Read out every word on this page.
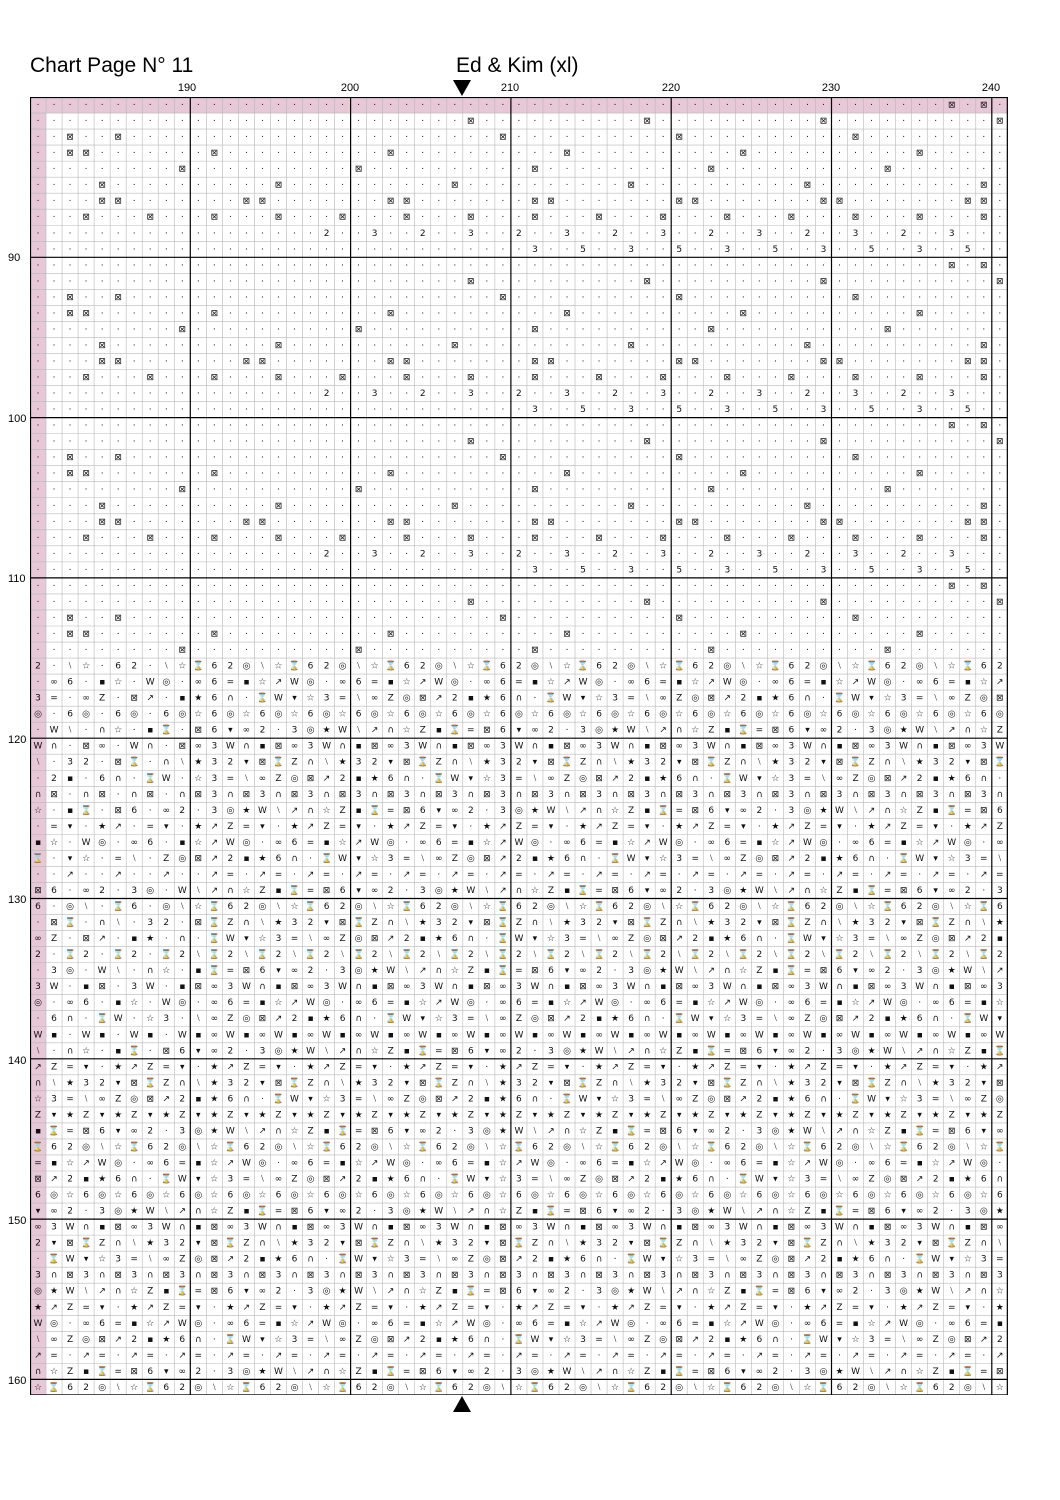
Chart Page N° 11	Ed & Kim (xl)
190	200	210	220	230	240
90
100
110
120
130
140
150
160
· · · · · · · · · · · · · · · · · · · · · · · · · · · · · · · · · · · · · · · · · · · · · · · · · · · · · · · · · ⊠ · ⊠ ·
· · · · · · · · · · · · · · · · · · · · · · · · · · · ⊠ · · · · · · · · · · ⊠ · · · · · · · · · · ⊠ · · · · · · · · · · ⊠
· · ⊠ · · ⊠ · · · · · · · · · · · · · · · · · · · · · · · ⊠ · · · · · · · · · · ⊠ · · · · · · · · · · ⊠ · · · · · · · · ·
· · ⊠ ⊠ · · · · · · · ⊠ · · · · · · · · · · ⊠ · · · · · · · · · · ⊠ · · · · · · · · · · ⊠ · · · · · · · · · · ⊠ · · · · ·
· · · · · · · · · ⊠ · · · · · · · · · · ⊠ · · · · · · · · · · ⊠ · · · · · · · · · · ⊠ · · · · · · · · · · ⊠ · · · · · · ·
· · · · ⊠ · · · · · · · · · · ⊠ · · · · · · · · · · ⊠ · · · · · · · · · · ⊠ · · · · · · · · · · ⊠ · · · · · · · · · · ⊠ ·
· · · · ⊠ ⊠ · · · · · · · ⊠ ⊠ · · · · · · · ⊠ ⊠ · · · · · · · ⊠ ⊠ · · · · · · · ⊠ ⊠ · · · · · · · ⊠ ⊠ · · · · · · · ⊠ ⊠ ·
· · · ⊠ · · · ⊠ · · · ⊠ · · · ⊠ · · · ⊠ · · · ⊠ · · · ⊠ · · · ⊠ · · · ⊠ · · · ⊠ · · · ⊠ · · · ⊠ · · · ⊠ · · · ⊠ · · · ⊠ ·
· · · · · · · · · · · · · · · · · · 2 · · 3 · · 2 · · 3 · · 2 · · 3 · · 2 · · 3 · · 2 · · 3 · · 2 · · 3 · · 2 · · 3 · · ·
· · · · · · · · · · · · · · · · · · · · · · · · · · · · · · · 3 · · 5 · · 3 · · 5 · · 3 · · 5 · · 3 · · 5 · · 3 · · 5 · ·
· · · · · · · · · · · · · · · · · · · · · · · · · · · · · · · · · · · · · · · · · · · · · · · · · · · · · · · · · ⊠ · ⊠ ·
· · · · · · · · · · · · · · · · · · · · · · · · · · · ⊠ · · · · · · · · · · ⊠ · · · · · · · · · · ⊠ · · · · · · · · · · ⊠
· · ⊠ · · ⊠ · · · · · · · · · · · · · · · · · · · · · · · ⊠ · · · · · · · · · · ⊠ · · · · · · · · · · ⊠ · · · · · · · · ·
· · ⊠ ⊠ · · · · · · · ⊠ · · · · · · · · · · ⊠ · · · · · · · · · · ⊠ · · · · · · · · · · ⊠ · · · · · · · · · · ⊠ · · · · ·
· · · · · · · · · ⊠ · · · · · · · · · · ⊠ · · · · · · · · · · ⊠ · · · · · · · · · · ⊠ · · · · · · · · · · ⊠ · · · · · · ·
· · · · ⊠ · · · · · · · · · · ⊠ · · · · · · · · · · ⊠ · · · · · · · · · · ⊠ · · · · · · · · · · ⊠ · · · · · · · · · · ⊠ ·
· · · · ⊠ ⊠ · · · · · · · ⊠ ⊠ · · · · · · · ⊠ ⊠ · · · · · · · ⊠ ⊠ · · · · · · · ⊠ ⊠ · · · · · · · ⊠ ⊠ · · · · · · · ⊠ ⊠ ·
· · · ⊠ · · · ⊠ · · · ⊠ · · · ⊠ · · · ⊠ · · · ⊠ · · · ⊠ · · · ⊠ · · · ⊠ · · · ⊠ · · · ⊠ · · · ⊠ · · · ⊠ · · · ⊠ · · · ⊠ ·
· · · · · · · · · · · · · · · · · · 2 · · 3 · · 2 · · 3 · · 2 · · 3 · · 2 · · 3 · · 2 · · 3 · · 2 · · 3 · · 2 · · 3 · · ·
· · · · · · · · · · · · · · · · · · · · · · · · · · · · · · · 3 · · 5 · · 3 · · 5 · · 3 · · 5 · · 3 · · 5 · · 3 · · 5 · ·
· · · · · · · · · · · · · · · · · · · · · · · · · · · · · · · · · · · · · · · · · · · · · · · · · · · · · · · · · ⊠ · ⊠ ·
· · · · · · · · · · · · · · · · · · · · · · · · · · · ⊠ · · · · · · · · · · ⊠ · · · · · · · · · · ⊠ · · · · · · · · · · ⊠
· · ⊠ · · ⊠ · · · · · · · · · · · · · · · · · · · · · · · ⊠ · · · · · · · · · · ⊠ · · · · · · · · · · ⊠ · · · · · · · · ·
· · ⊠ ⊠ · · · · · · · ⊠ · · · · · · · · · · ⊠ · · · · · · · · · · ⊠ · · · · · · · · · · ⊠ · · · · · · · · · · ⊠ · · · · ·
· · · · · · · · · ⊠ · · · · · · · · · · ⊠ · · · · · · · · · · ⊠ · · · · · · · · · · ⊠ · · · · · · · · · · ⊠ · · · · · · ·
· · · · ⊠ · · · · · · · · · · ⊠ · · · · · · · · · · ⊠ · · · · · · · · · · ⊠ · · · · · · · · · · ⊠ · · · · · · · · · · ⊠ ·
· · · · ⊠ ⊠ · · · · · · · ⊠ ⊠ · · · · · · · ⊠ ⊠ · · · · · · · ⊠ ⊠ · · · · · · · ⊠ ⊠ · · · · · · · ⊠ ⊠ · · · · · · · ⊠ ⊠ ·
· · · ⊠ · · · ⊠ · · · ⊠ · · · ⊠ · · · ⊠ · · · ⊠ · · · ⊠ · · · ⊠ · · · ⊠ · · · ⊠ · · · ⊠ · · · ⊠ · · · ⊠ · · · ⊠ · · · ⊠ ·
· · · · · · · · · · · · · · · · · · 2 · · 3 · · 2 · · 3 · · 2 · · 3 · · 2 · · 3 · · 2 · · 3 · · 2 · · 3 · · 2 · · 3 · · ·
· · · · · · · · · · · · · · · · · · · · · · · · · · · · · · · 3 · · 5 · · 3 · · 5 · · 3 · · 5 · · 3 · · 5 · · 3 · · 5 · ·
· · · · · · · · · · · · · · · · · · · · · · · · · · · · · · · · · · · · · · · · · · · · · · · · · · · · · · · · · ⊠ · ⊠ ·
· · · · · · · · · · · · · · · · · · · · · · · · · · · ⊠ · · · · · · · · · · ⊠ · · · · · · · · · · ⊠ · · · · · · · · · · ⊠
· · ⊠ · · ⊠ · · · · · · · · · · · · · · · · · · · · · · · ⊠ · · · · · · · · · · ⊠ · · · · · · · · · · ⊠ · · · · · · · · ·
· · ⊠ ⊠ · · · · · · · ⊠ · · · · · · · · · · ⊠ · · · · · · · · · · ⊠ · · · · · · · · · · ⊠ · · · · · · · · · · ⊠ · · · · ·
· · · · · · · · · ⊠ · · · · · · · · · · ⊠ · · · · · · · · · · ⊠ · · · · · · · · · · ⊠ · · · · · · · · · · ⊠ · · · · · · ·
2 · ⧵ ☆ · 6 2 · ⧵ ☆ ⌛ 6 2 ◎ ⧵ ☆ ⌛ 6 2 ◎ ⧵ ☆ ⌛ 6 2 ◎ ⧵ ☆ ⌛ 6 2 ◎ ⧵ ☆ ⌛ 6 2 ◎ ⧵ ☆ ⌛ 6 2 ◎ ⧵ ☆ ⌛ 6 2 ◎ ⧵ ☆ ⌛ 6 2 ◎ ⧵ ☆ ⌛ 6 2
· ∞ 6 · ▪ ☆ · W ◎ · ∞ 6 = ▪ ☆ ↗ W ◎ · ∞ 6 = ▪ ☆ ↗ W ◎ · ∞ 6 = ▪ ☆ ↗ W ◎ · ∞ 6 = ▪ ☆ ↗ W ◎ · ∞ 6 = ▪ ☆ ↗ W ◎ · ∞ 6 = ▪ ☆ ↗
3 = · ∞ Z · ⊠ ↗ · ▪ ★ 6 ∩ · ⌛ W ▾ ☆ 3 = ⧵ ∞ Z ◎ ⊠ ↗ 2 ▪ ★ 6 ∩ · ⌛ W ▾ ☆ 3 = ⧵ ∞ Z ◎ ⊠ ↗ 2 ▪ ★ 6 ∩ · ⌛ W ▾ ☆ 3 = ⧵ ∞ Z ◎ ⊠
◎ · 6 ◎ · 6 ◎ · 6 ◎ ☆ 6 ◎ ☆ 6 ◎ ☆ 6 ◎ ☆ 6 ◎ ☆ 6 ◎ ☆ 6 ◎ ☆ 6 ◎ ☆ 6 ◎ ☆ 6 ◎ ☆ 6 ◎ ☆ 6 ◎ ☆ 6 ◎ ☆ 6 ◎ ☆ 6 ◎ ☆ 6 ◎ ☆ 6 ◎ ☆ 6 ◎
· W ⧵ · ∩ ☆ · ▪ ⌛ · ⊠ 6 ▾ ∞ 2 · 3 ◎ ★ W ⧵ ↗ ∩ ☆ Z ▪ ⌛ = ⊠ 6 ▾ ∞ 2 · 3 ◎ ★ W ⧵ ↗ ∩ ☆ Z ▪ ⌛ = ⊠ 6 ▾ ∞ 2 · 3 ◎ ★ W ⧵ ↗ ∩ ☆ Z
W ∩ · ⊠ ∞ · W ∩ · ⊠ ∞ 3 W ∩ ▪ ⊠ ∞ 3 W ∩ ▪ ⊠ ∞ 3 W ∩ ▪ ⊠ ∞ 3 W ∩ ▪ ⊠ ∞ 3 W ∩ ▪ ⊠ ∞ 3 W ∩ ▪ ⊠ ∞ 3 W ∩ ▪ ⊠ ∞ 3 W ∩ ▪ ⊠ ∞ 3 W
⧵ · 3 2 · ⊠ ⌛ · ∩ ⧵ ★ 3 2 ▾ ⊠ ⌛ Z ∩ ⧵ ★ 3 2 ▾ ⊠ ⌛ Z ∩ ⧵ ★ 3 2 ▾ ⊠ ⌛ Z ∩ ⧵ ★ 3 2 ▾ ⊠ ⌛ Z ∩ ⧵ ★ 3 2 ▾ ⊠ ⌛ Z ∩ ⧵ ★ 3 2 ▾ ⊠ ⌛
· 2 ▪ · 6 ∩ · ⌛ W · ☆ 3 = ⧵ ∞ Z ◎ ⊠ ↗ 2 ▪ ★ 6 ∩ · ⌛ W ▾ ☆ 3 = ⧵ ∞ Z ◎ ⊠ ↗ 2 ▪ ★ 6 ∩ · ⌛ W ▾ ☆ 3 = ⧵ ∞ Z ◎ ⊠ ↗ 2 ▪ ★ 6 ∩ ·
∩ ⊠ · ∩ ⊠ · ∩ ⊠ · ∩ ⊠ 3 ∩ ⊠ 3 ∩ ⊠ 3 ∩ ⊠ 3 ∩ ⊠ 3 ∩ ⊠ 3 ∩ ⊠ 3 ∩ ⊠ 3 ∩ ⊠ 3 ∩ ⊠ 3 ∩ ⊠ 3 ∩ ⊠ 3 ∩ ⊠ 3 ∩ ⊠ 3 ∩ ⊠ 3 ∩ ⊠ 3 ∩ ⊠ 3 ∩
☆ · ▪ ⌛ · ⊠ 6 · ∞ 2 · 3 ◎ ★ W ⧵ ↗ ∩ ☆ Z ▪ ⌛ = ⊠ 6 ▾ ∞ 2 · 3 ◎ ★ W ⧵ ↗ ∩ ☆ Z ▪ ⌛ = ⊠ 6 ▾ ∞ 2 · 3 ◎ ★ W ⧵ ↗ ∩ ☆ Z ▪ ⌛ = ⊠ 6
· = ▾ · ★ ↗ · = ▾ · ★ ↗ Z = ▾ · ★ ↗ Z = ▾ · ★ ↗ Z = ▾ · ★ ↗ Z = ▾ · ★ ↗ Z = ▾ · ★ ↗ Z = ▾ · ★ ↗ Z = ▾ · ★ ↗ Z = ▾ · ★ ↗ Z
▪ ☆ · W ◎ · ∞ 6 · ▪ ☆ ↗ W ◎ · ∞ 6 = ▪ ☆ ↗ W ◎ · ∞ 6 = ▪ ☆ ↗ W ◎ · ∞ 6 = ▪ ☆ ↗ W ◎ · ∞ 6 = ▪ ☆ ↗ W ◎ · ∞ 6 = ▪ ☆ ↗ W ◎ · ∞
⌛ · ▾ ☆ · = ⧵ · Z ◎ ⊠ ↗ 2 ▪ ★ 6 ∩ · ⌛ W ▾ ☆ 3 = ⧵ ∞ Z ◎ ⊠ ↗ 2 ▪ ★ 6 ∩ · ⌛ W ▾ ☆ 3 = ⧵ ∞ Z ◎ ⊠ ↗ 2 ▪ ★ 6 ∩ · ⌛ W ▾ ☆ 3 = ⧵
· · ↗ · · ↗ · · ↗ · · ↗ = · ↗ = · ↗ = · ↗ = · ↗ = · ↗ = · ↗ = · ↗ = · ↗ = · ↗ = · ↗ = · ↗ = · ↗ = · ↗ = · ↗ = · ↗ = · ↗ =
⊠ 6 · ∞ 2 · 3 ◎ · W ⧵ ↗ ∩ ☆ Z ▪ ⌛ = ⊠ 6 ▾ ∞ 2 · 3 ◎ ★ W ⧵ ↗ ∩ ☆ Z ▪ ⌛ = ⊠ 6 ▾ ∞ 2 · 3 ◎ ★ W ⧵ ↗ ∩ ☆ Z ▪ ⌛ = ⊠ 6 ▾ ∞ 2 · 3
6 · ◎ ⧵ · ⌛ 6 · ◎ ⧵ ☆ ⌛ 6 2 ◎ ⧵ ☆ ⌛ 6 2 ◎ ⧵ ☆ ⌛ 6 2 ◎ ⧵ ☆ ⌛ 6 2 ◎ ⧵ ☆ ⌛ 6 2 ◎ ⧵ ☆ ⌛ 6 2 ◎ ⧵ ☆ ⌛ 6 2 ◎ ⧵ ☆ ⌛ 6 2 ◎ ⧵ ☆ ⌛ 6
· ⊠ ⌛ · ∩ ⧵ · 3 2 · ⊠ ⌛ Z ∩ ⧵ ★ 3 2 ▾ ⊠ ⌛ Z ∩ ⧵ ★ 3 2 ▾ ⊠ ⌛ Z ∩ ⧵ ★ 3 2 ▾ ⊠ ⌛ Z ∩ ⧵ ★ 3 2 ▾ ⊠ ⌛ Z ∩ ⧵ ★ 3 2 ▾ ⊠ ⌛ Z ∩ ⧵ ★
∞ Z · ⊠ ↗ · ▪ ★ · ∩ · ⌛ W ▾ ☆ 3 = ⧵ ∞ Z ◎ ⊠ ↗ 2 ▪ ★ 6 ∩ · ⌛ W ▾ ☆ 3 = ⧵ ∞ Z ◎ ⊠ ↗ 2 ▪ ★ 6 ∩ · ⌛ W ▾ ☆ 3 = ⧵ ∞ Z ◎ ⊠ ↗ 2 ▪
2 · ⌛ 2 · ⌛ 2 · ⌛ 2 ⧵ ⌛ 2 ⧵ ⌛ 2 ⧵ ⌛ 2 ⧵ ⌛ 2 ⧵ ⌛ 2 ⧵ ⌛ 2 ⧵ ⌛ 2 ⧵ ⌛ 2 ⧵ ⌛ 2 ⧵ ⌛ 2 ⧵ ⌛ 2 ⧵ ⌛ 2 ⧵ ⌛ 2 ⧵ ⌛ 2 ⧵ ⌛ 2 ⧵ ⌛ 2 ⧵ ⌛ 2
· 3 ◎ · W ⧵ · ∩ ☆ · ▪ ⌛ = ⊠ 6 ▾ ∞ 2 · 3 ◎ ★ W ⧵ ↗ ∩ ☆ Z ▪ ⌛ = ⊠ 6 ▾ ∞ 2 · 3 ◎ ★ W ⧵ ↗ ∩ ☆ Z ▪ ⌛ = ⊠ 6 ▾ ∞ 2 · 3 ◎ ★ W ⧵ ↗
3 W · ▪ ⊠ · 3 W · ▪ ⊠ ∞ 3 W ∩ ▪ ⊠ ∞ 3 W ∩ ▪ ⊠ ∞ 3 W ∩ ▪ ⊠ ∞ 3 W ∩ ▪ ⊠ ∞ 3 W ∩ ▪ ⊠ ∞ 3 W ∩ ▪ ⊠ ∞ 3 W ∩ ▪ ⊠ ∞ 3 W ∩ ▪ ⊠ ∞ 3
◎ · ∞ 6 · ▪ ☆ · W ◎ · ∞ 6 = ▪ ☆ ↗ W ◎ · ∞ 6 = ▪ ☆ ↗ W ◎ · ∞ 6 = ▪ ☆ ↗ W ◎ · ∞ 6 = ▪ ☆ ↗ W ◎ · ∞ 6 = ▪ ☆ ↗ W ◎ · ∞ 6 = ▪ ☆
· 6 ∩ · ⌛ W · ☆ 3 · ⧵ ∞ Z ◎ ⊠ ↗ 2 ▪ ★ 6 ∩ · ⌛ W ▾ ☆ 3 = ⧵ ∞ Z ◎ ⊠ ↗ 2 ▪ ★ 6 ∩ · ⌛ W ▾ ☆ 3 = ⧵ ∞ Z ◎ ⊠ ↗ 2 ▪ ★ 6 ∩ · ⌛ W ▾
W ▪ · W ▪ · W ▪ · W ▪ ∞ W ▪ ∞ W ▪ ∞ W ▪ ∞ W ▪ ∞ W ▪ ∞ W ▪ ∞ W ▪ ∞ W ▪ ∞ W ▪ ∞ W ▪ ∞ W ▪ ∞ W ▪ ∞ W ▪ ∞ W ▪ ∞ W ▪ ∞ W ▪ ∞ W
⧵ · ∩ ☆ · ▪ ⌛ · ⊠ 6 ▾ ∞ 2 · 3 ◎ ★ W ⧵ ↗ ∩ ☆ Z ▪ ⌛ = ⊠ 6 ▾ ∞ 2 · 3 ◎ ★ W ⧵ ↗ ∩ ☆ Z ▪ ⌛ = ⊠ 6 ▾ ∞ 2 · 3 ◎ ★ W ⧵ ↗ ∩ ☆ Z ▪ ⌛
↗ Z = ▾ · ★ ↗ Z = ▾ · ★ ↗ Z = ▾ · ★ ↗ Z = ▾ · ★ ↗ Z = ▾ · ★ ↗ Z = ▾ · ★ ↗ Z = ▾ · ★ ↗ Z = ▾ · ★ ↗ Z = ▾ · ★ ↗ Z = ▾ · ★ ↗
∩ ⧵ ★ 3 2 ▾ ⊠ ⌛ Z ∩ ⧵ ★ 3 2 ▾ ⊠ ⌛ Z ∩ ⧵ ★ 3 2 ▾ ⊠ ⌛ Z ∩ ⧵ ★ 3 2 ▾ ⊠ ⌛ Z ∩ ⧵ ★ 3 2 ▾ ⊠ ⌛ Z ∩ ⧵ ★ 3 2 ▾ ⊠ ⌛ Z ∩ ⧵ ★ 3 2 ▾ ⊠
☆ 3 = ⧵ ∞ Z ◎ ⊠ ↗ 2 ▪ ★ 6 ∩ · ⌛ W ▾ ☆ 3 = ⧵ ∞ Z ◎ ⊠ ↗ 2 ▪ ★ 6 ∩ · ⌛ W ▾ ☆ 3 = ⧵ ∞ Z ◎ ⊠ ↗ 2 ▪ ★ 6 ∩ · ⌛ W ▾ ☆ 3 = ⧵ ∞ Z ◎
Z ▾ ★ Z ▾ ★ Z ▾ ★ Z ▾ ★ Z ▾ ★ Z ▾ ★ Z ▾ ★ Z ▾ ★ Z ▾ ★ Z ▾ ★ Z ▾ ★ Z ▾ ★ Z ▾ ★ Z ▾ ★ Z ▾ ★ Z ▾ ★ Z ▾ ★ Z ▾ ★ Z ▾ ★ Z ▾ ★ Z
▪ ⌛ = ⊠ 6 ▾ ∞ 2 · 3 ◎ ★ W ⧵ ↗ ∩ ☆ Z ▪ ⌛ = ⊠ 6 ▾ ∞ 2 · 3 ◎ ★ W ⧵ ↗ ∩ ☆ Z ▪ ⌛ = ⊠ 6 ▾ ∞ 2 · 3 ◎ ★ W ⧵ ↗ ∩ ☆ Z ▪ ⌛ = ⊠ 6 ▾ ∞
⌛ 6 2 ◎ ⧵ ☆ ⌛ 6 2 ◎ ⧵ ☆ ⌛ 6 2 ◎ ⧵ ☆ ⌛ 6 2 ◎ ⧵ ☆ ⌛ 6 2 ◎ ⧵ ☆ ⌛ 6 2 ◎ ⧵ ☆ ⌛ 6 2 ◎ ⧵ ☆ ⌛ 6 2 ◎ ⧵ ☆ ⌛ 6 2 ◎ ⧵ ☆ ⌛ 6 2 ◎ ⧵ ☆ ⌛
= ▪ ☆ ↗ W ◎ · ∞ 6 = ▪ ☆ ↗ W ◎ · ∞ 6 = ▪ ☆ ↗ W ◎ · ∞ 6 = ▪ ☆ ↗ W ◎ · ∞ 6 = ▪ ☆ ↗ W ◎ · ∞ 6 = ▪ ☆ ↗ W ◎ · ∞ 6 = ▪ ☆ ↗ W ◎ ·
⊠ ↗ 2 ▪ ★ 6 ∩ · ⌛ W ▾ ☆ 3 = ⧵ ∞ Z ◎ ⊠ ↗ 2 ▪ ★ 6 ∩ · ⌛ W ▾ ☆ 3 = ⧵ ∞ Z ◎ ⊠ ↗ 2 ▪ ★ 6 ∩ · ⌛ W ▾ ☆ 3 = ⧵ ∞ Z ◎ ⊠ ↗ 2 ▪ ★ 6 ∩
6 ◎ ☆ 6 ◎ ☆ 6 ◎ ☆ 6 ◎ ☆ 6 ◎ ☆ 6 ◎ ☆ 6 ◎ ☆ 6 ◎ ☆ 6 ◎ ☆ 6 ◎ ☆ 6 ◎ ☆ 6 ◎ ☆ 6 ◎ ☆ 6 ◎ ☆ 6 ◎ ☆ 6 ◎ ☆ 6 ◎ ☆ 6 ◎ ☆ 6 ◎ ☆ 6 ◎ ☆ 6
▾ ∞ 2 · 3 ◎ ★ W ⧵ ↗ ∩ ☆ Z ▪ ⌛ = ⊠ 6 ▾ ∞ 2 · 3 ◎ ★ W ⧵ ↗ ∩ ☆ Z ▪ ⌛ = ⊠ 6 ▾ ∞ 2 · 3 ◎ ★ W ⧵ ↗ ∩ ☆ Z ▪ ⌛ = ⊠ 6 ▾ ∞ 2 · 3 ◎ ★
∞ 3 W ∩ ▪ ⊠ ∞ 3 W ∩ ▪ ⊠ ∞ 3 W ∩ ▪ ⊠ ∞ 3 W ∩ ▪ ⊠ ∞ 3 W ∩ ▪ ⊠ ∞ 3 W ∩ ▪ ⊠ ∞ 3 W ∩ ▪ ⊠ ∞ 3 W ∩ ▪ ⊠ ∞ 3 W ∩ ▪ ⊠ ∞ 3 W ∩ ▪ ⊠ ∞
2 ▾ ⊠ ⌛ Z ∩ ⧵ ★ 3 2 ▾ ⊠ ⌛ Z ∩ ⧵ ★ 3 2 ▾ ⊠ ⌛ Z ∩ ⧵ ★ 3 2 ▾ ⊠ ⌛ Z ∩ ⧵ ★ 3 2 ▾ ⊠ ⌛ Z ∩ ⧵ ★ 3 2 ▾ ⊠ ⌛ Z ∩ ⧵ ★ 3 2 ▾ ⊠ ⌛ Z ∩ ⧵
· ⌛ W ▾ ☆ 3 = ⧵ ∞ Z ◎ ⊠ ↗ 2 ▪ ★ 6 ∩ · ⌛ W ▾ ☆ 3 = ⧵ ∞ Z ◎ ⊠ ↗ 2 ▪ ★ 6 ∩ · ⌛ W ▾ ☆ 3 = ⧵ ∞ Z ◎ ⊠ ↗ 2 ▪ ★ 6 ∩ · ⌛ W ▾ ☆ 3 =
3 ∩ ⊠ 3 ∩ ⊠ 3 ∩ ⊠ 3 ∩ ⊠ 3 ∩ ⊠ 3 ∩ ⊠ 3 ∩ ⊠ 3 ∩ ⊠ 3 ∩ ⊠ 3 ∩ ⊠ 3 ∩ ⊠ 3 ∩ ⊠ 3 ∩ ⊠ 3 ∩ ⊠ 3 ∩ ⊠ 3 ∩ ⊠ 3 ∩ ⊠ 3 ∩ ⊠ 3 ∩ ⊠ 3 ∩ ⊠ 3
◎ ★ W ⧵ ↗ ∩ ☆ Z ▪ ⌛ = ⊠ 6 ▾ ∞ 2 · 3 ◎ ★ W ⧵ ↗ ∩ ☆ Z ▪ ⌛ = ⊠ 6 ▾ ∞ 2 · 3 ◎ ★ W ⧵ ↗ ∩ ☆ Z ▪ ⌛ = ⊠ 6 ▾ ∞ 2 · 3 ◎ ★ W ⧵ ↗ ∩ ☆
★ ↗ Z = ▾ · ★ ↗ Z = ▾ · ★ ↗ Z = ▾ · ★ ↗ Z = ▾ · ★ ↗ Z = ▾ · ★ ↗ Z = ▾ · ★ ↗ Z = ▾ · ★ ↗ Z = ▾ · ★ ↗ Z = ▾ · ★ ↗ Z = ▾ · ★
W ◎ · ∞ 6 = ▪ ☆ ↗ W ◎ · ∞ 6 = ▪ ☆ ↗ W ◎ · ∞ 6 = ▪ ☆ ↗ W ◎ · ∞ 6 = ▪ ☆ ↗ W ◎ · ∞ 6 = ▪ ☆ ↗ W ◎ · ∞ 6 = ▪ ☆ ↗ W ◎ · ∞ 6 = ▪
⧵ ∞ Z ◎ ⊠ ↗ 2 ▪ ★ 6 ∩ · ⌛ W ▾ ☆ 3 = ⧵ ∞ Z ◎ ⊠ ↗ 2 ▪ ★ 6 ∩ · ⌛ W ▾ ☆ 3 = ⧵ ∞ Z ◎ ⊠ ↗ 2 ▪ ★ 6 ∩ · ⌛ W ▾ ☆ 3 = ⧵ ∞ Z ◎ ⊠ ↗ 2
↗ = · ↗ = · ↗ = · ↗ = · ↗ = · ↗ = · ↗ = · ↗ = · ↗ = · ↗ = · ↗ = · ↗ = · ↗ = · ↗ = · ↗ = · ↗ = · ↗ = · ↗ = · ↗ = · ↗ = · ↗
∩ ☆ Z ▪ ⌛ = ⊠ 6 ▾ ∞ 2 · 3 ◎ ★ W ⧵ ↗ ∩ ☆ Z ▪ ⌛ = ⊠ 6 ▾ ∞ 2 · 3 ◎ ★ W ⧵ ↗ ∩ ☆ Z ▪ ⌛ = ⊠ 6 ▾ ∞ 2 · 3 ◎ ★ W ⧵ ↗ ∩ ☆ Z ▪ ⌛ = ⊠
☆ ⌛ 6 2 ◎ ⧵ ☆ ⌛ 6 2 ◎ ⧵ ☆ ⌛ 6 2 ◎ ⧵ ☆ ⌛ 6 2 ◎ ⧵ ☆ ⌛ 6 2 ◎ ⧵ ☆ ⌛ 6 2 ◎ ⧵ ☆ ⌛ 6 2 ◎ ⧵ ☆ ⌛ 6 2 ◎ ⧵ ☆ ⌛ 6 2 ◎ ⧵ ☆ ⌛ 6 2 ◎ ⧵ ☆
